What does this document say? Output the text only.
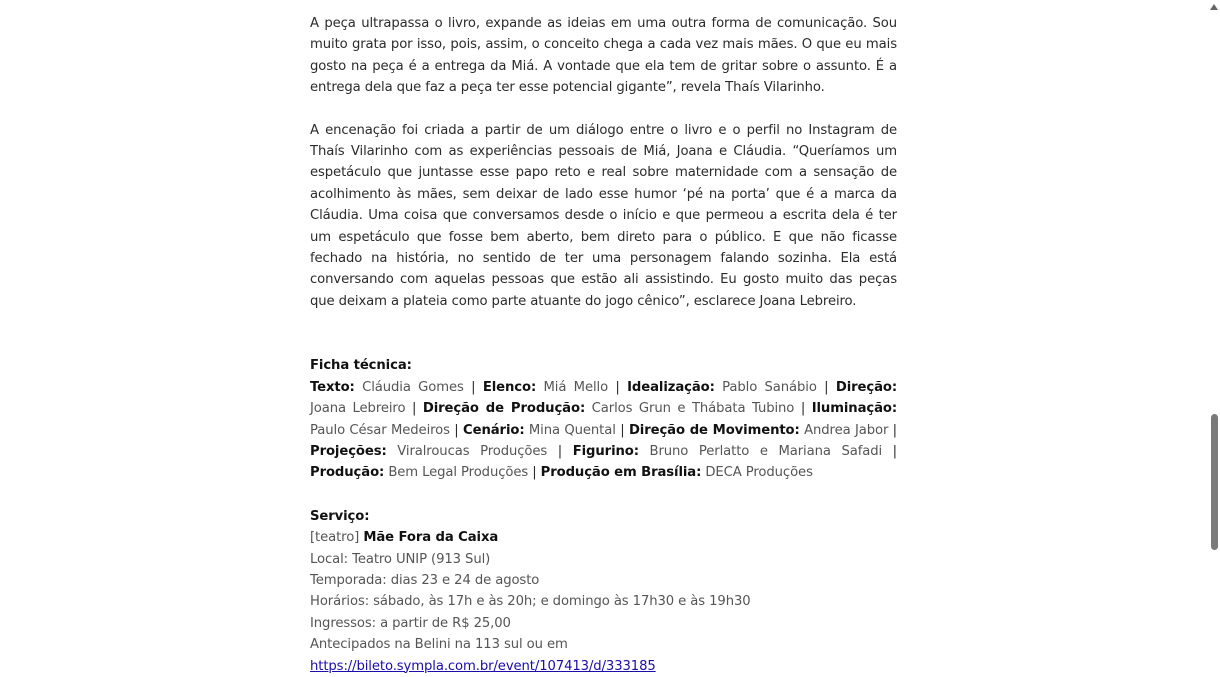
A peça ultrapassa o livro, expande as ideias em uma outra forma de comunicação. Sou muito grata por isso, pois, assim, o conceito chega a cada vez mais mães. O que eu mais gosto na peça é a entrega da Miá. A vontade que ela tem de gritar sobre o assunto. É a entrega dela que faz a peça ter esse potencial gigante”, revela Thaís Vilarinho.

A encenação foi criada a partir de um diálogo entre o livro e o perfil no Instagram de Thaís Vilarinho com as experiências pessoais de Miá, Joana e Cláudia. “Queríamos um espetáculo que juntasse esse papo reto e real sobre maternidade com a sensação de acolhimento às mães, sem deixar de lado esse humor ‘pé na porta’ que é a marca da Cláudia. Uma coisa que conversamos desde o início e que permeou a escrita dela é ter um espetáculo que fosse bem aberto, bem direto para o público. E que não ficasse fechado na história, no sentido de ter uma personagem falando sozinha. Ela está conversando com aquelas pessoas que estão ali assistindo. Eu gosto muito das peças que deixam a plateia como parte atuante do jogo cênico”, esclarece Joana Lebreiro.

Ficha técnica:

Texto: Cláudia Gomes | Elenco: Miá Mello | Idealização: Pablo Sanábio | Direção: Joana Lebreiro | Direção de Produção: Carlos Grun e Thábata Tubino | Iluminação: Paulo César Medeiros | Cenário: Mina Quental | Direção de Movimento: Andrea Jabor | Projeções: Viralroucas Produções | Figurino: Bruno Perlatto e Mariana Safadi | Produção: Bem Legal Produções | Produção em Brasília: DECA Produções

Serviço:

[teatro] Mãe Fora da Caixa

Local: Teatro UNIP (913 Sul)

Temporada: dias 23 e 24 de agosto

Horários: sábado, às 17h e às 20h; e domingo às 17h30 e às 19h30

Ingressos: a partir de R$ 25,00

Antecipados na Belini na 113 sul ou em https://bileto.sympla.com.br/event/107413/d/333185
